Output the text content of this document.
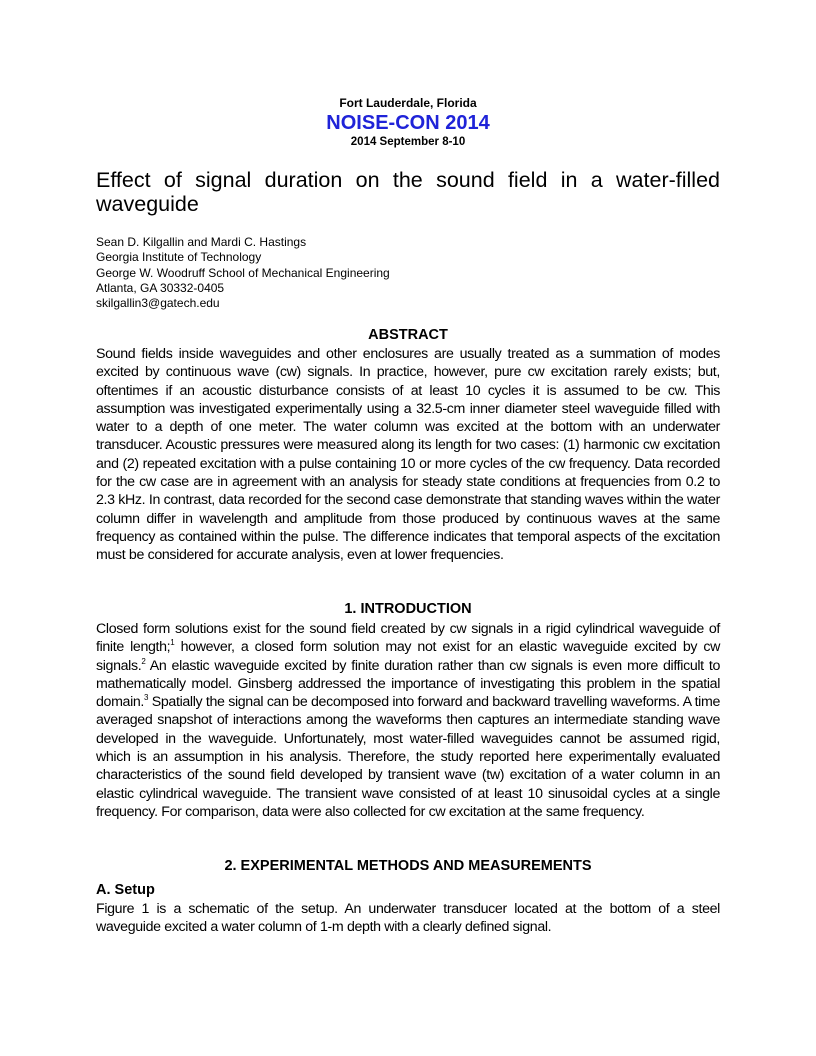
Fort Lauderdale, Florida
NOISE-CON 2014
2014 September 8-10
Effect of signal duration on the sound field in a water-filled waveguide
Sean D. Kilgallin and Mardi C. Hastings
Georgia Institute of Technology
George W. Woodruff School of Mechanical Engineering
Atlanta, GA 30332-0405
skilgallin3@gatech.edu
ABSTRACT
Sound fields inside waveguides and other enclosures are usually treated as a summation of modes excited by continuous wave (cw) signals. In practice, however, pure cw excitation rarely exists; but, oftentimes if an acoustic disturbance consists of at least 10 cycles it is assumed to be cw. This assumption was investigated experimentally using a 32.5-cm inner diameter steel waveguide filled with water to a depth of one meter. The water column was excited at the bottom with an underwater transducer. Acoustic pressures were measured along its length for two cases: (1) harmonic cw excitation and (2) repeated excitation with a pulse containing 10 or more cycles of the cw frequency. Data recorded for the cw case are in agreement with an analysis for steady state conditions at frequencies from 0.2 to 2.3 kHz. In contrast, data recorded for the second case demonstrate that standing waves within the water column differ in wavelength and amplitude from those produced by continuous waves at the same frequency as contained within the pulse. The difference indicates that temporal aspects of the excitation must be considered for accurate analysis, even at lower frequencies.
1. INTRODUCTION
Closed form solutions exist for the sound field created by cw signals in a rigid cylindrical waveguide of finite length;$^1$ however, a closed form solution may not exist for an elastic waveguide excited by cw signals.$^2$ An elastic waveguide excited by finite duration rather than cw signals is even more difficult to mathematically model. Ginsberg addressed the importance of investigating this problem in the spatial domain.$^3$ Spatially the signal can be decomposed into forward and backward travelling waveforms. A time averaged snapshot of interactions among the waveforms then captures an intermediate standing wave developed in the waveguide. Unfortunately, most water-filled waveguides cannot be assumed rigid, which is an assumption in his analysis. Therefore, the study reported here experimentally evaluated characteristics of the sound field developed by transient wave (tw) excitation of a water column in an elastic cylindrical waveguide. The transient wave consisted of at least 10 sinusoidal cycles at a single frequency. For comparison, data were also collected for cw excitation at the same frequency.
2. EXPERIMENTAL METHODS AND MEASUREMENTS
A. Setup
Figure 1 is a schematic of the setup. An underwater transducer located at the bottom of a steel waveguide excited a water column of 1-m depth with a clearly defined signal.
